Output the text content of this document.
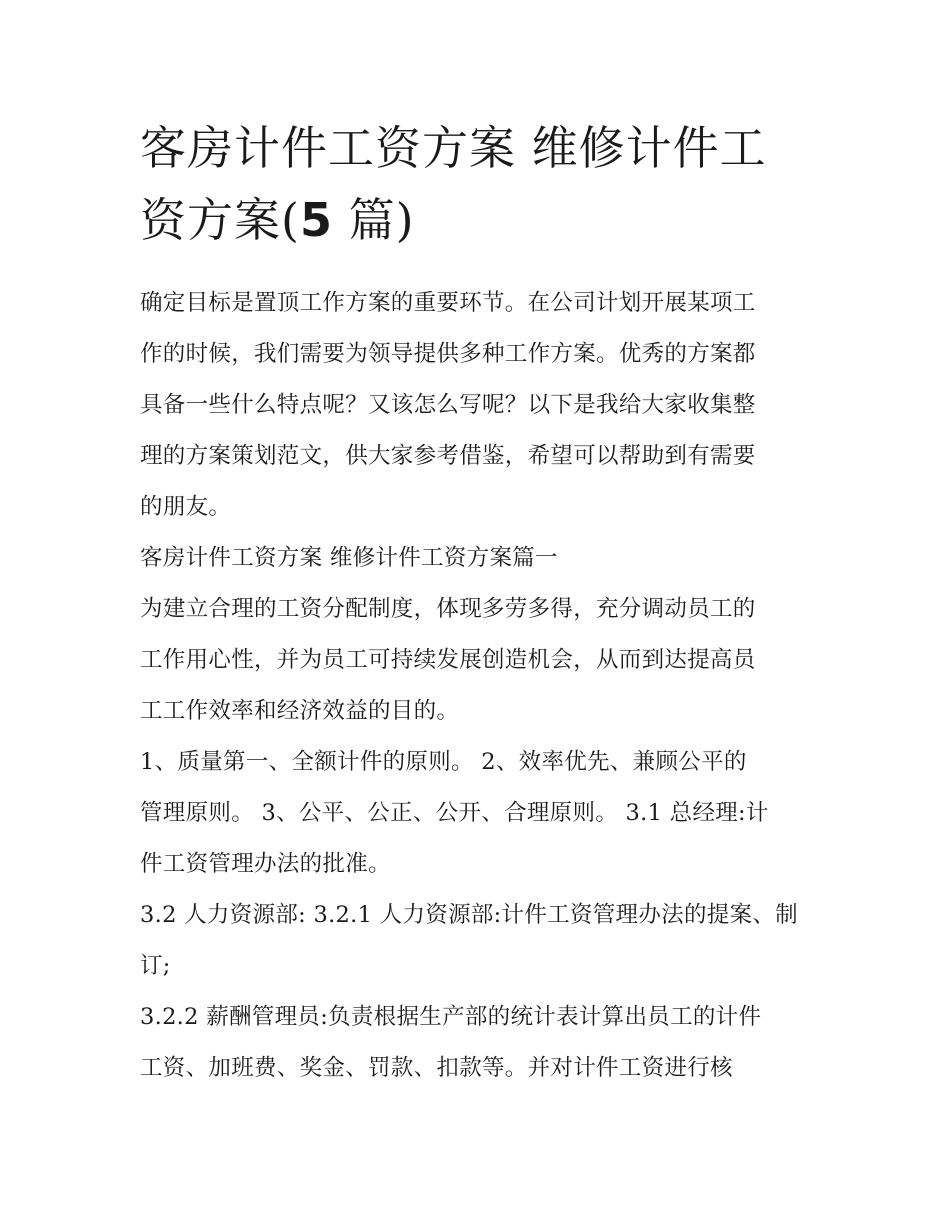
客房计件工资方案 维修计件工
资方案(5 篇)

确定目标是置顶工作方案的重要环节。在公司计划开展某项工
作的时候，我们需要为领导提供多种工作方案。优秀的方案都
具备一些什么特点呢？又该怎么写呢？以下是我给大家收集整
理的方案策划范文，供大家参考借鉴，希望可以帮助到有需要
的朋友。

客房计件工资方案 维修计件工资方案篇一

为建立合理的工资分配制度，体现多劳多得，充分调动员工的
工作用心性，并为员工可持续发展创造机会，从而到达提高员
工工作效率和经济效益的目的。

1、质量第一、全额计件的原则。 2、效率优先、兼顾公平的
管理原则。 3、公平、公正、公开、合理原则。 3.1 总经理:计
件工资管理办法的批准。

3.2 人力资源部: 3.2.1 人力资源部:计件工资管理办法的提案、制
订;

3.2.2 薪酬管理员:负责根据生产部的统计表计算出员工的计件
工资、加班费、奖金、罚款、扣款等。并对计件工资进行核
